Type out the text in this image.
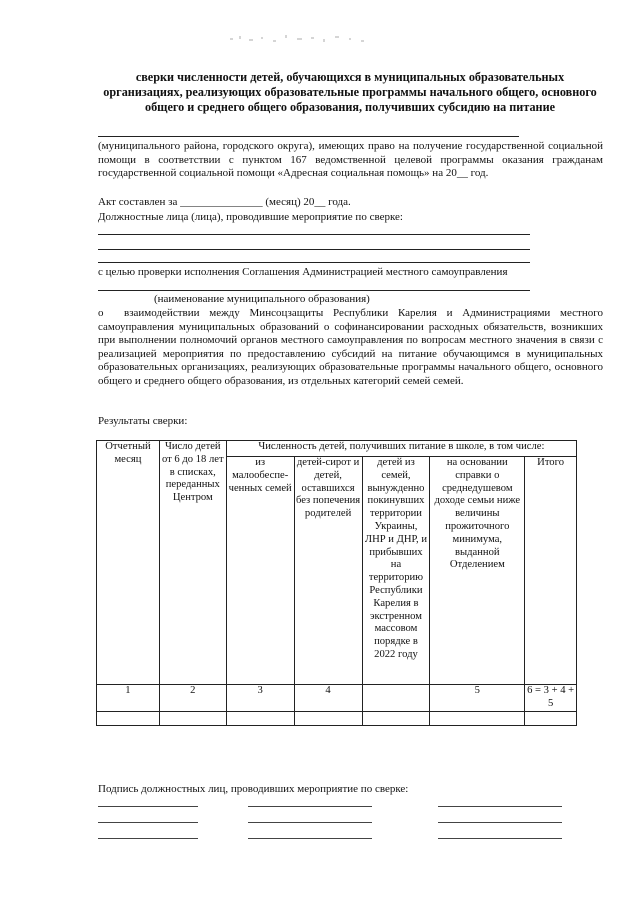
сверки численности детей, обучающихся в муниципальных образовательных организациях, реализующих образовательные программы начального общего, основного общего и среднего общего образования, получивших субсидию на питание
(муниципального района, городского округа), имеющих право на получение государственной социальной помощи в соответствии с пунктом 167 ведомственной целевой программы оказания гражданам государственной социальной помощи «Адресная социальная помощь» на 20__ год.
Акт составлен за _______________ (месяц) 20__ года.
Должностные лица (лица), проводившие мероприятие по сверке:
с целью проверки исполнения Соглашения Администрацией местного самоуправления
(наименование муниципального образования)
о	взаимодействии между Минсоцзащиты Республики Карелия и Администрациями местного самоуправления муниципальных образований о софинансировании расходных обязательств, возникших при выполнении полномочий органов местного самоуправления по вопросам местного значения в связи с реализацией мероприятия по предоставлению субсидий на питание обучающимся в муниципальных образовательных организациях, реализующих образовательные программы начального общего, основного общего и среднего общего образования, из отдельных категорий семей семей.
Результаты сверки:
Отчетный месяц	Число детей от 6 до 18 лет в списках, переданных Центром	Численность детей, получивших питание в школе, в том числе:				
		из малообеспе-ченных семей	детей-сирот и детей, оставшихся без попечения родителей	детей из семей, вынужденно покинувших территории Украины, ЛНР и ДНР, и прибывших на территорию Республики Карелия в экстренном массовом порядке в 2022 году	на основании справки о среднедушевом доходе семьи ниже величины прожиточного минимума, выданной Отделением	Итого
1	2	3	4		5	6 = 3 + 4 + 5

Подпись должностных лиц, проводивших мероприятие по сверке:
